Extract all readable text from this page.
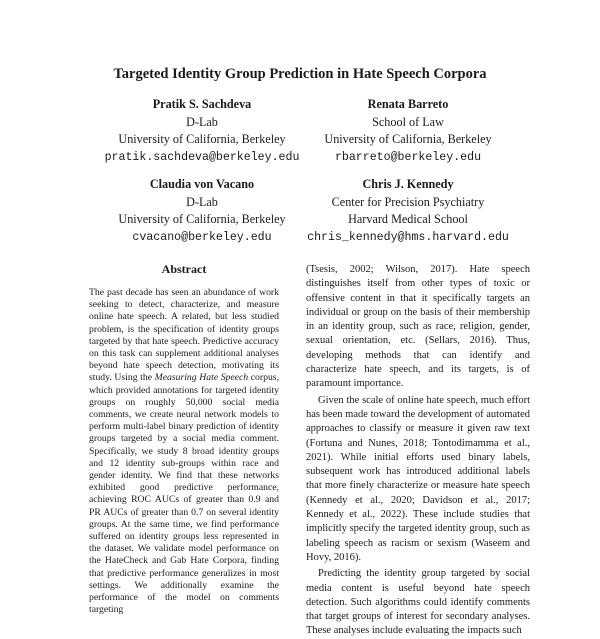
Targeted Identity Group Prediction in Hate Speech Corpora
Pratik S. Sachdeva
D-Lab
University of California, Berkeley
pratik.sachdeva@berkeley.edu
Renata Barreto
School of Law
University of California, Berkeley
rbarreto@berkeley.edu
Claudia von Vacano
D-Lab
University of California, Berkeley
cvacano@berkeley.edu
Chris J. Kennedy
Center for Precision Psychiatry
Harvard Medical School
chris_kennedy@hms.harvard.edu
Abstract
The past decade has seen an abundance of work seeking to detect, characterize, and measure online hate speech. A related, but less studied problem, is the specification of identity groups targeted by that hate speech. Predictive accuracy on this task can supplement additional analyses beyond hate speech detection, motivating its study. Using the Measuring Hate Speech corpus, which provided annotations for targeted identity groups on roughly 50,000 social media comments, we create neural network models to perform multi-label binary prediction of identity groups targeted by a social media comment. Specifically, we study 8 broad identity groups and 12 identity sub-groups within race and gender identity. We find that these networks exhibited good predictive performance, achieving ROC AUCs of greater than 0.9 and PR AUCs of greater than 0.7 on several identity groups. At the same time, we find performance suffered on identity groups less represented in the dataset. We validate model performance on the HateCheck and Gab Hate Corpora, finding that predictive performance generalizes in most settings. We additionally examine the performance of the model on comments targeting

(Tsesis, 2002; Wilson, 2017). Hate speech distinguishes itself from other types of toxic or offensive content in that it specifically targets an individual or group on the basis of their membership in an identity group, such as race, religion, gender, sexual orientation, etc. (Sellars, 2016). Thus, developing methods that can identify and characterize hate speech, and its targets, is of paramount importance.

Given the scale of online hate speech, much effort has been made toward the development of automated approaches to classify or measure it given raw text (Fortuna and Nunes, 2018; Tontodimamma et al., 2021). While initial efforts used binary labels, subsequent work has introduced additional labels that more finely characterize or measure hate speech (Kennedy et al., 2020; Davidson et al., 2017; Kennedy et al., 2022). These include studies that implicitly specify the targeted identity group, such as labeling speech as racism or sexism (Waseem and Hovy, 2016).

Predicting the identity group targeted by social media content is useful beyond hate speech detection. Such algorithms could identify comments that target groups of interest for secondary analyses. These analyses include evaluating the impacts such
